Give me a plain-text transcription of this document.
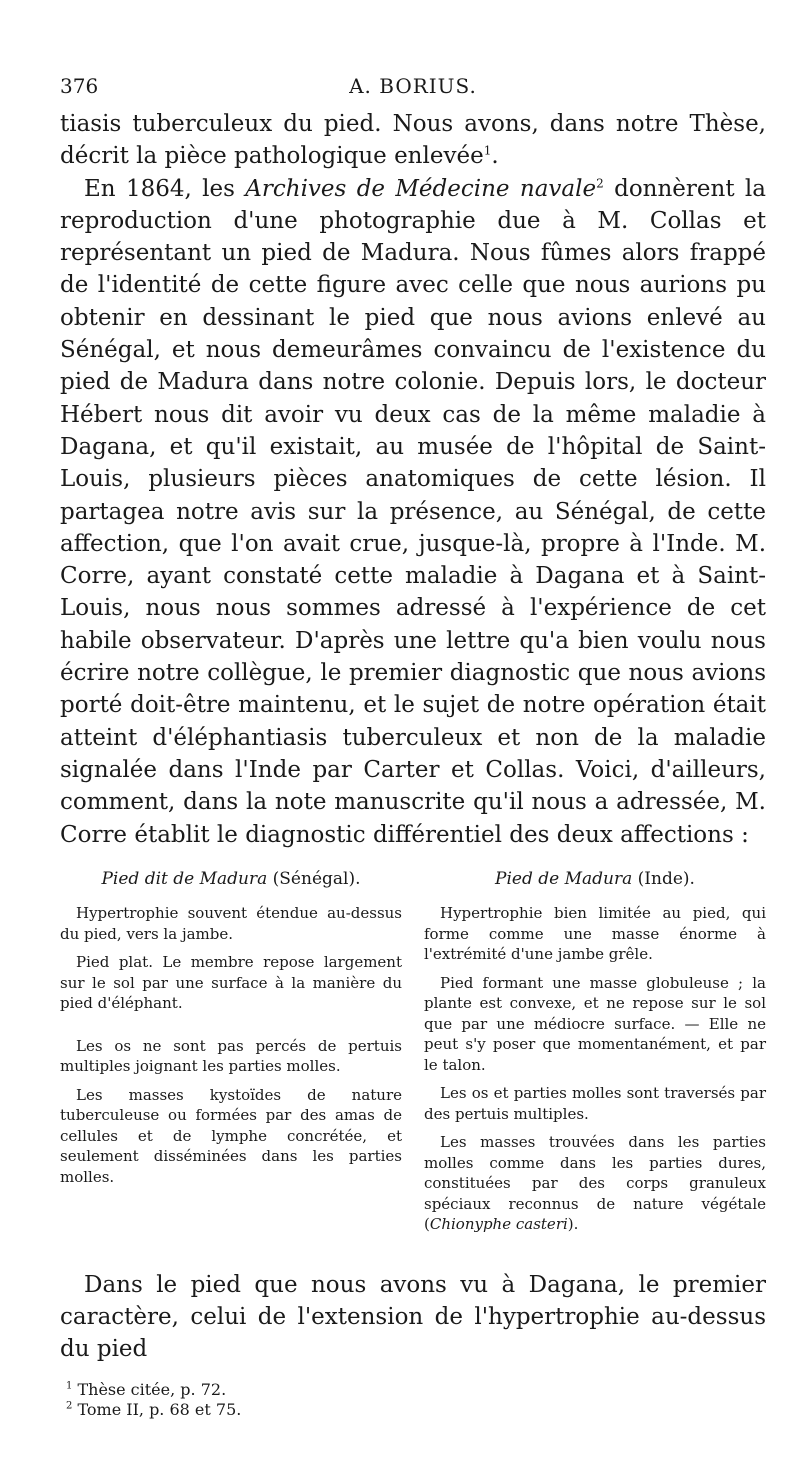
376	A. BORIUS.

tiasis tuberculeux du pied. Nous avons, dans notre Thèse, décrit la pièce pathologique enlevée$^1$.

En 1864, les Archives de Médecine navale$^2$ donnèrent la reproduction d'une photographie due à M. Collas et représentant un pied de Madura. Nous fûmes alors frappé de l'identité de cette figure avec celle que nous aurions pu obtenir en dessinant le pied que nous avions enlevé au Sénégal, et nous demeurâmes convaincu de l'existence du pied de Madura dans notre colonie. Depuis lors, le docteur Hébert nous dit avoir vu deux cas de la même maladie à Dagana, et qu'il existait, au musée de l'hôpital de Saint-Louis, plusieurs pièces anatomiques de cette lésion. Il partagea notre avis sur la présence, au Sénégal, de cette affection, que l'on avait crue, jusque-là, propre à l'Inde. M. Corre, ayant constaté cette maladie à Dagana et à Saint-Louis, nous nous sommes adressé à l'expérience de cet habile observateur. D'après une lettre qu'a bien voulu nous écrire notre collègue, le premier diagnostic que nous avions porté doit-être maintenu, et le sujet de notre opération était atteint d'éléphantiasis tuberculeux et non de la maladie signalée dans l'Inde par Carter et Collas. Voici, d'ailleurs, comment, dans la note manuscrite qu'il nous a adressée, M. Corre établit le diagnostic différentiel des deux affections :

Pied dit de Madura (Sénégal).

Hypertrophie souvent étendue au-dessus du pied, vers la jambe.

Pied plat. Le membre repose largement sur le sol par une surface à la manière du pied d'éléphant.

Les os ne sont pas percés de pertuis multiples joignant les parties molles.

Les masses kystoïdes de nature tuberculeuse ou formées par des amas de cellules et de lymphe concrétée, et seulement disséminées dans les parties molles.

Pied de Madura (Inde).

Hypertrophie bien limitée au pied, qui forme comme une masse énorme à l'extrémité d'une jambe grêle.

Pied formant une masse globuleuse ; la plante est convexe, et ne repose sur le sol que par une médiocre surface. — Elle ne peut s'y poser que momentanément, et par le talon.

Les os et parties molles sont traversés par des pertuis multiples.

Les masses trouvées dans les parties molles comme dans les parties dures, constituées par des corps granuleux spéciaux reconnus de nature végétale (Chionyphe casteri).

Dans le pied que nous avons vu à Dagana, le premier caractère, celui de l'extension de l'hypertrophie au-dessus du pied

$^1$ Thèse citée, p. 72.
$^2$ Tome II, p. 68 et 75.
